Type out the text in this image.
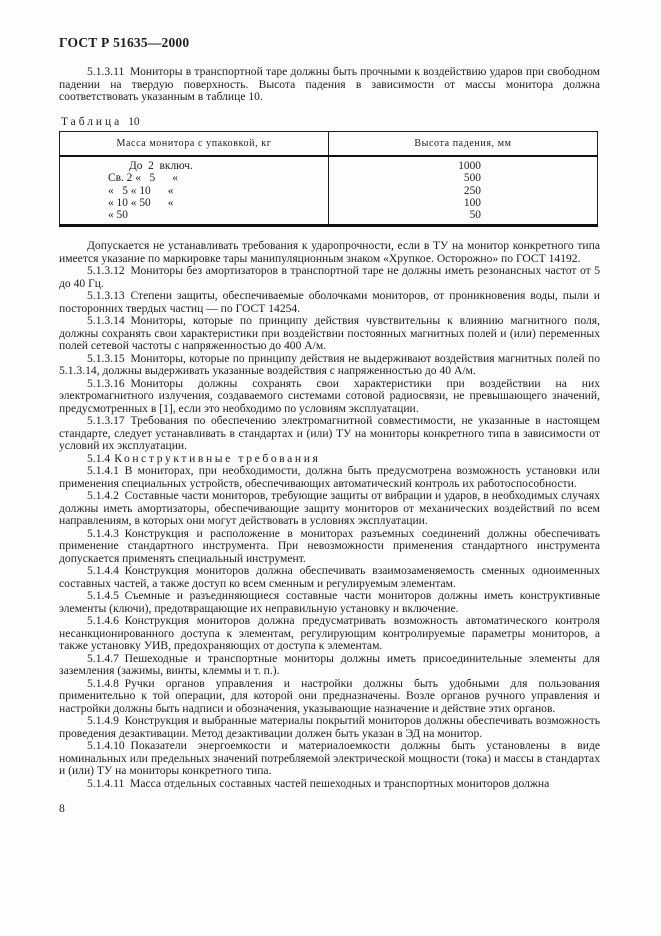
ГОСТ Р 51635—2000

5.1.3.11 Мониторы в транспортной таре должны быть прочными к воздействию ударов при свободном падении на твердую поверхность. Высота падения в зависимости от массы монитора должна соответствовать указанным в таблице 10.

Таблица 10
Масса монитора с упаковкой, кг	Высота падения, мм
До  2  включ.	1000
Св. 2 «   5      «	500
«   5 « 10      «	250
« 10 « 50      «	100
« 50	50

Допускается не устанавливать требования к ударопрочности, если в ТУ на монитор конкретного типа имеется указание по маркировке тары манипуляционным знаком «Хрупкое. Осторожно» по ГОСТ 14192.

5.1.3.12 Мониторы без амортизаторов в транспортной таре не должны иметь резонансных частот от 5 до 40 Гц.

5.1.3.13 Степени защиты, обеспечиваемые оболочками мониторов, от проникновения воды, пыли и посторонних твердых частиц — по ГОСТ 14254.

5.1.3.14 Мониторы, которые по принципу действия чувствительны к влиянию магнитного поля, должны сохранять свои характеристики при воздействии постоянных магнитных полей и (или) переменных полей сетевой частоты с напряженностью до 400 А/м.

5.1.3.15 Мониторы, которые по принципу действия не выдерживают воздействия магнитных полей по 5.1.3.14, должны выдерживать указанные воздействия с напряженностью до 40 А/м.

5.1.3.16 Мониторы должны сохранять свои характеристики при воздействии на них электромагнитного излучения, создаваемого системами сотовой радиосвязи, не превышающего значений, предусмотренных в [1], если это необходимо по условиям эксплуатации.

5.1.3.17 Требования по обеспечению электромагнитной совместимости, не указанные в настоящем стандарте, следует устанавливать в стандартах и (или) ТУ на мониторы конкретного типа в зависимости от условий их эксплуатации.

5.1.4 Конструктивные требования

5.1.4.1 В мониторах, при необходимости, должна быть предусмотрена возможность установки или применения специальных устройств, обеспечивающих автоматический контроль их работоспособности.

5.1.4.2 Составные части мониторов, требующие защиты от вибрации и ударов, в необходимых случаях должны иметь амортизаторы, обеспечивающие защиту мониторов от механических воздействий по всем направлениям, в которых они могут действовать в условиях эксплуатации.

5.1.4.3 Конструкция и расположение в мониторах разъемных соединений должны обеспечивать применение стандартного инструмента. При невозможности применения стандартного инструмента допускается применять специальный инструмент.

5.1.4.4 Конструкция мониторов должна обеспечивать взаимозаменяемость сменных одноименных составных частей, а также доступ ко всем сменным и регулируемым элементам.

5.1.4.5 Съемные и разъединяющиеся составные части мониторов должны иметь конструктивные элементы (ключи), предотвращающие их неправильную установку и включение.

5.1.4.6 Конструкция мониторов должна предусматривать возможность автоматического контроля несанкционированного доступа к элементам, регулирующим контролируемые параметры мониторов, а также установку УИВ, предохраняющих от доступа к элементам.

5.1.4.7 Пешеходные и транспортные мониторы должны иметь присоединительные элементы для заземления (зажимы, винты, клеммы и т. п.).

5.1.4.8 Ручки органов управления и настройки должны быть удобными для пользования применительно к той операции, для которой они предназначены. Возле органов ручного управления и настройки должны быть надписи и обозначения, указывающие назначение и действие этих органов.

5.1.4.9 Конструкция и выбранные материалы покрытий мониторов должны обеспечивать возможность проведения дезактивации. Метод дезактивации должен быть указан в ЭД на монитор.

5.1.4.10 Показатели энергоемкости и материалоемкости должны быть установлены в виде номинальных или предельных значений потребляемой электрической мощности (тока) и массы в стандартах и (или) ТУ на мониторы конкретного типа.

5.1.4.11 Масса отдельных составных частей пешеходных и транспортных мониторов должна

8
